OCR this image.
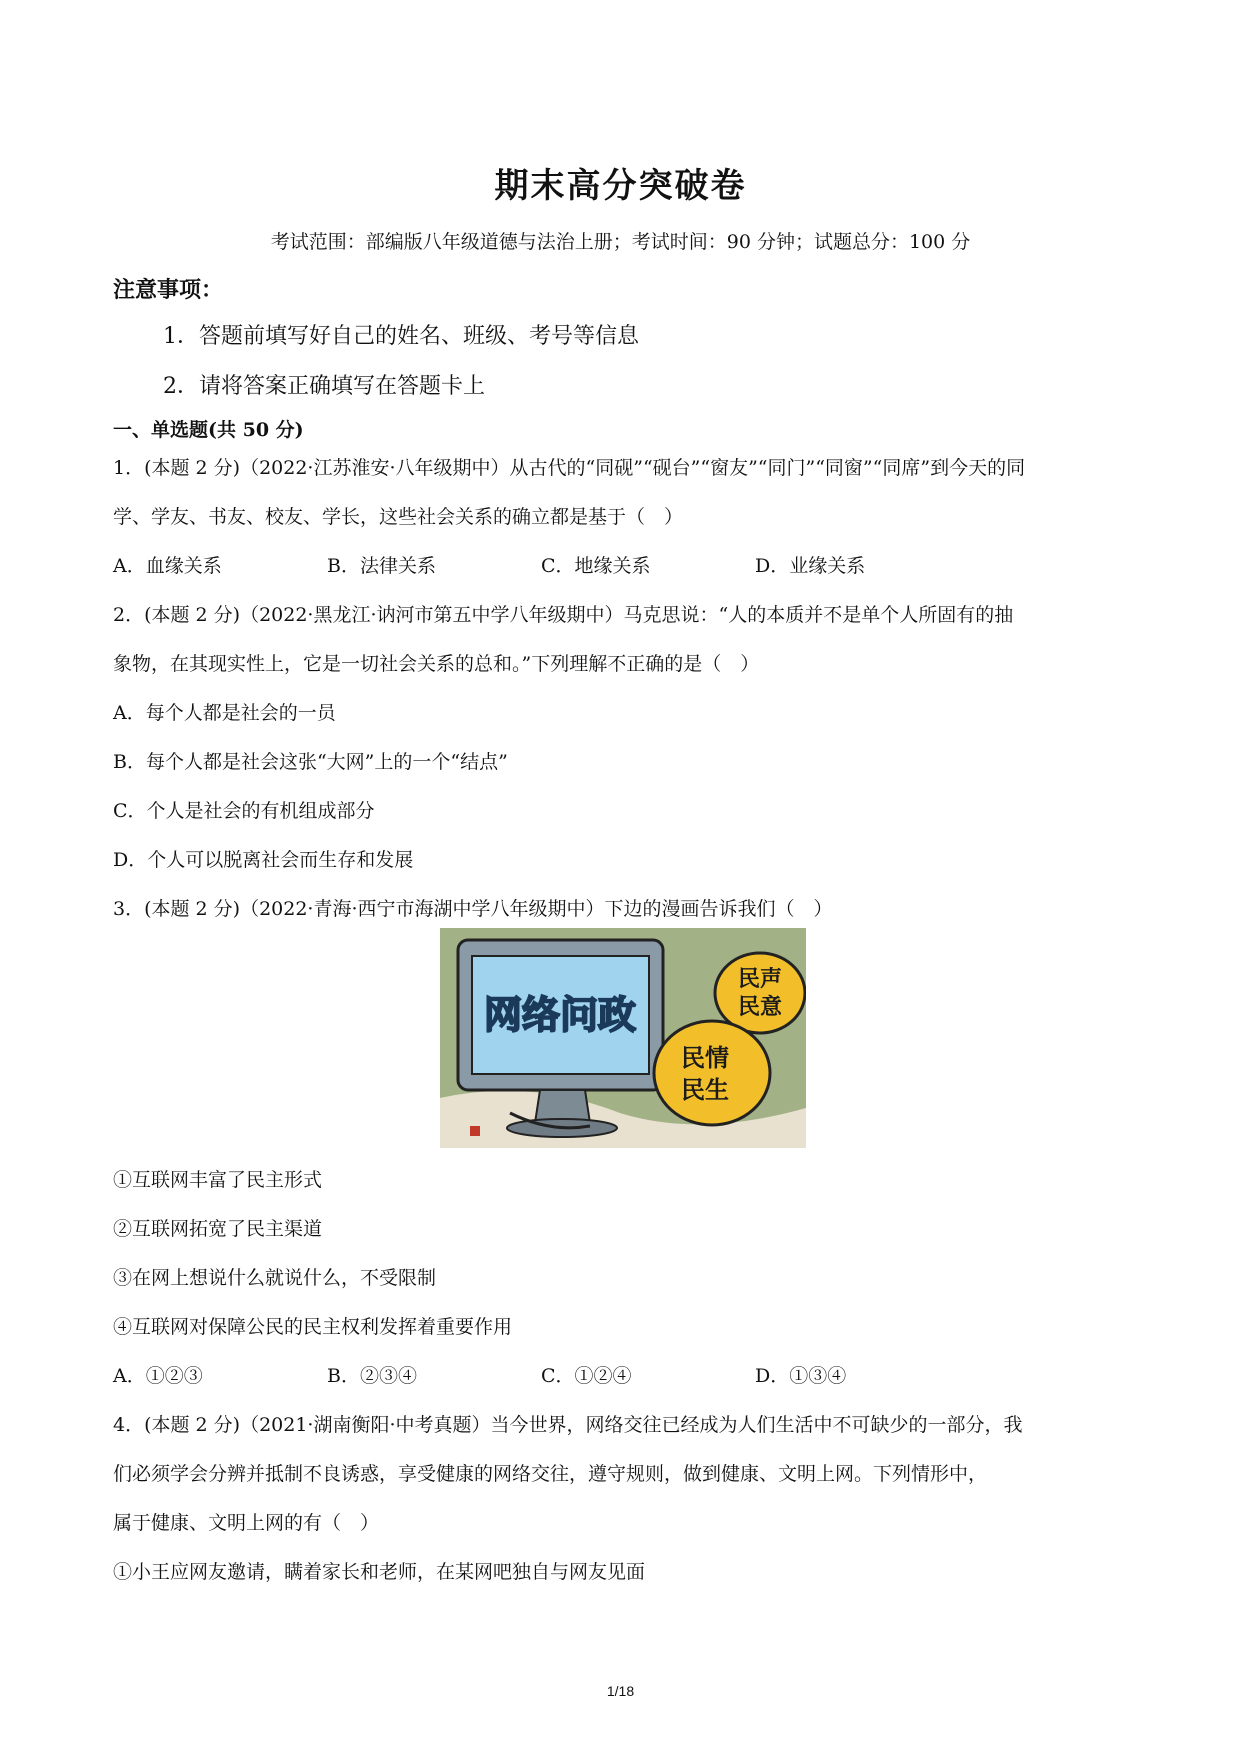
期末高分突破卷
考试范围：部编版八年级道德与法治上册；考试时间：90 分钟；试题总分：100 分
注意事项：
1．答题前填写好自己的姓名、班级、考号等信息
2．请将答案正确填写在答题卡上
一、单选题(共 50 分)
1．(本题 2 分)（2022·江苏淮安·八年级期中）从古代的“同砚”“砚台”“窗友”“同门”“同窗”“同席”到今天的同
学、学友、书友、校友、学长，这些社会关系的确立都是基于（　）
A．血缘关系	B．法律关系	C．地缘关系	D．业缘关系
2．(本题 2 分)（2022·黑龙江·讷河市第五中学八年级期中）马克思说：“人的本质并不是单个人所固有的抽
象物，在其现实性上，它是一切社会关系的总和。”下列理解不正确的是（　）
A．每个人都是社会的一员
B．每个人都是社会这张“大网”上的一个“结点”
C．个人是社会的有机组成部分
D．个人可以脱离社会而生存和发展
3．(本题 2 分)（2022·青海·西宁市海湖中学八年级期中）下边的漫画告诉我们（　）
网络问政
民声
民意
民情
民生
①互联网丰富了民主形式
②互联网拓宽了民主渠道
③在网上想说什么就说什么，不受限制
④互联网对保障公民的民主权利发挥着重要作用
A．①②③	B．②③④	C．①②④	D．①③④
4．(本题 2 分)（2021·湖南衡阳·中考真题）当今世界，网络交往已经成为人们生活中不可缺少的一部分，我
们必须学会分辨并抵制不良诱惑，享受健康的网络交往，遵守规则，做到健康、文明上网。下列情形中，
属于健康、文明上网的有（　）
①小王应网友邀请，瞒着家长和老师，在某网吧独自与网友见面
1/18
